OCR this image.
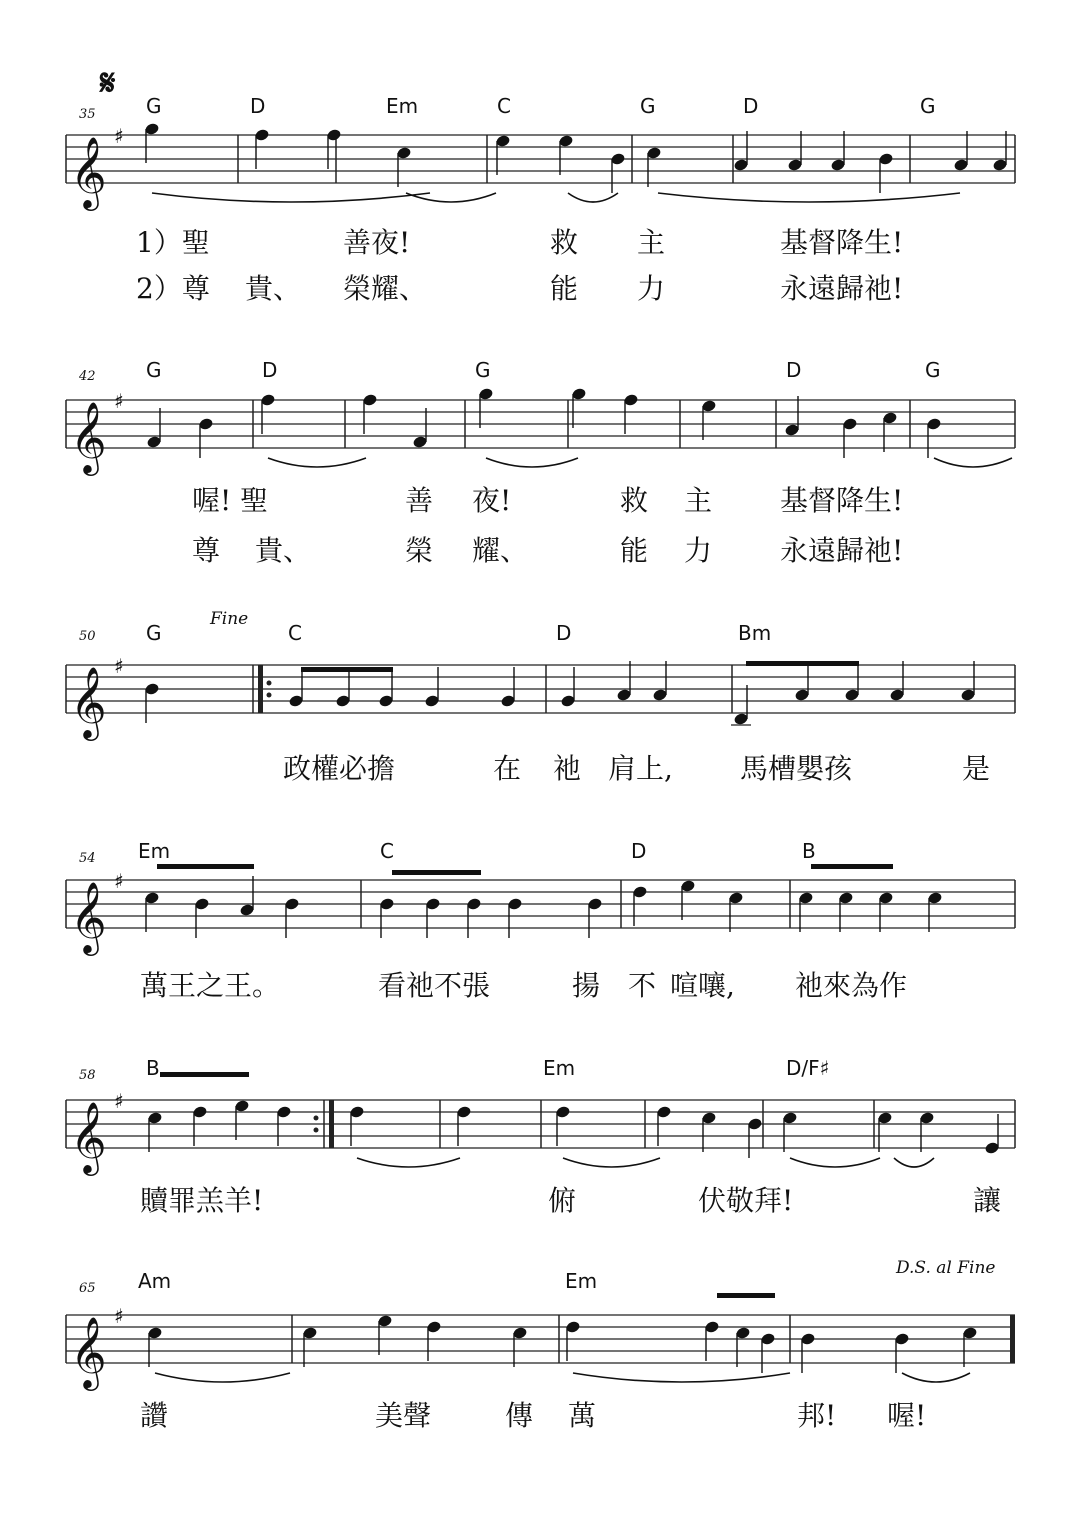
𝄋
35	G	D	Em	C	G	D	G
𝄞 ♯
1）聖	善夜!	救 主	基督降生!
2）尊 貴、 榮耀、	能 力	永遠歸祂!
42	G	D	G	D	G
𝄞 ♯
喔! 聖	善 夜!	救 主 基督降生!
尊 貴、	榮 耀、	能 力 永遠歸祂!
50
Fine
G	C	D	Bm
𝄞 ♯
政權必擔	在 祂 肩上, 馬槽嬰孩	是
54 Em	C	D	B
𝄞 ♯
萬王之王。	看祂不張	揚 不 喧嚷, 祂來為作
58	B	Em	D/F♯
𝄞 ♯
贖罪羔羊!	俯	伏敬拜!	讓
65
D.S. al Fine
Am	Em
𝄞 ♯
讚	美聲	傳 萬	邦! 喔!
